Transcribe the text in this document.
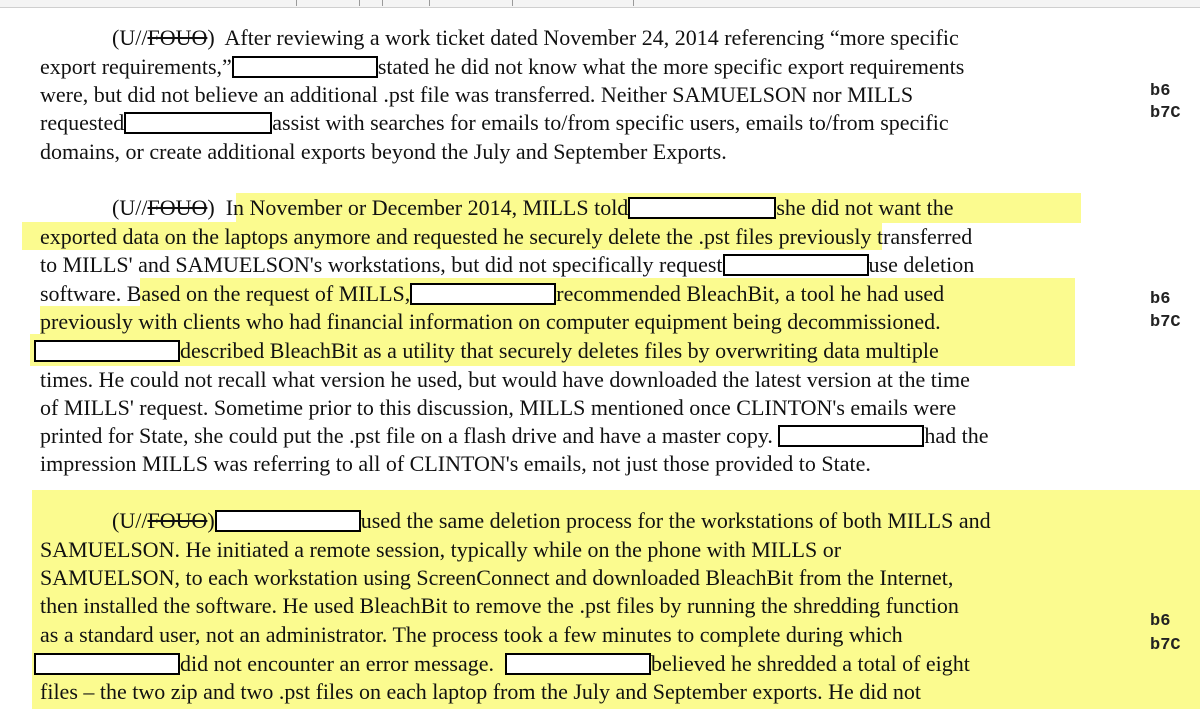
(U//FOUO) After reviewing a work ticket dated November 24, 2014 referencing “more specific
export requirements,”	stated he did not know what the more specific export requirements
were, but did not believe an additional .pst file was transferred. Neither SAMUELSON nor MILLS
requested	assist with searches for emails to/from specific users, emails to/from specific
domains, or create additional exports beyond the July and September Exports.
(U//FOUO) In November or December 2014, MILLS told	she did not want the
exported data on the laptops anymore and requested he securely delete the .pst files previously transferred
to MILLS' and SAMUELSON's workstations, but did not specifically request	use deletion
software. Based on the request of MILLS,	recommended BleachBit, a tool he had used
previously with clients who had financial information on computer equipment being decommissioned.
described BleachBit as a utility that securely deletes files by overwriting data multiple
times. He could not recall what version he used, but would have downloaded the latest version at the time
of MILLS' request. Sometime prior to this discussion, MILLS mentioned once CLINTON's emails were
printed for State, she could put the .pst file on a flash drive and have a master copy.	had the
impression MILLS was referring to all of CLINTON's emails, not just those provided to State.
(U//FOUO)	used the same deletion process for the workstations of both MILLS and
SAMUELSON. He initiated a remote session, typically while on the phone with MILLS or
SAMUELSON, to each workstation using ScreenConnect and downloaded BleachBit from the Internet,
then installed the software. He used BleachBit to remove the .pst files by running the shredding function
as a standard user, not an administrator. The process took a few minutes to complete during which
did not encounter an error message.	believed he shredded a total of eight
files – the two zip and two .pst files on each laptop from the July and September exports. He did not
b6
b7C
b6
b7C
b6
b7C
